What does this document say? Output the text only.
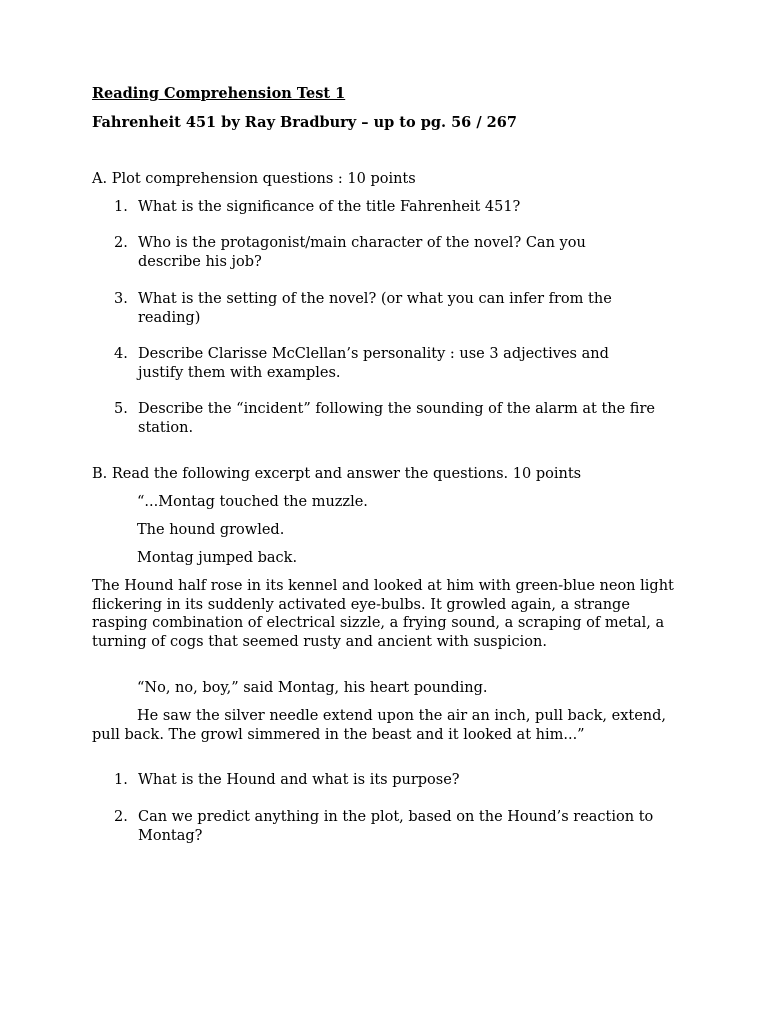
Reading Comprehension Test 1
Fahrenheit 451 by Ray Bradbury – up to pg. 56 / 267
A. Plot comprehension questions : 10 points
1. What is the significance of the title Fahrenheit 451?
2. Who is the protagonist/main character of the novel? Can you describe his job?
3. What is the setting of the novel? (or what you can infer from the reading)
4. Describe Clarisse McClellan’s personality : use 3 adjectives and justify them with examples.
5. Describe the “incident” following the sounding of the alarm at the fire station.
B. Read the following excerpt and answer the questions. 10 points
“...Montag touched the muzzle.
The hound growled.
Montag jumped back.
The Hound half rose in its kennel and looked at him with green-blue neon light flickering in its suddenly activated eye-bulbs. It growled again, a strange rasping combination of electrical sizzle, a frying sound, a scraping of metal, a turning of cogs that seemed rusty and ancient with suspicion.
“No, no, boy,” said Montag, his heart pounding.
He saw the silver needle extend upon the air an inch, pull back, extend, pull back. The growl simmered in the beast and it looked at him...”
1. What is the Hound and what is its purpose?
2. Can we predict anything in the plot, based on the Hound’s reaction to Montag?
